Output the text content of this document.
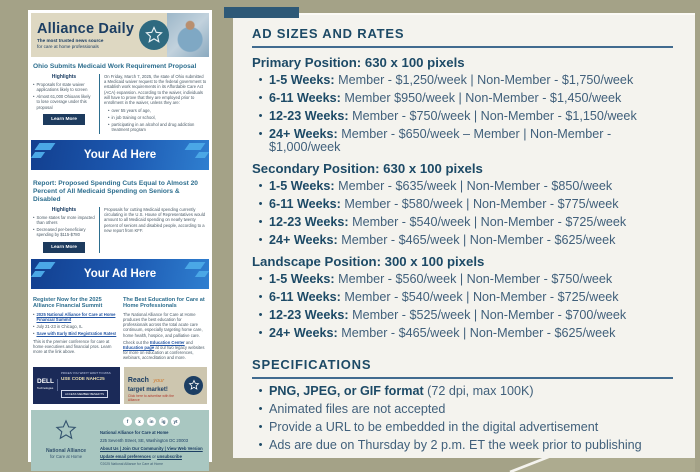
AD SIZES AND RATES
Primary Position: 630 x 100 pixels
• 1-5 Weeks: Member - $1,250/week | Non-Member - $1,750/week
• 6-11 Weeks: Member $950/week | Non-Member - $1,450/week
• 12-23 Weeks: Member - $750/week | Non-Member - $1,150/week
• 24+ Weeks: Member - $650/week – Member | Non-Member - $1,000/week
Secondary Position: 630 x 100 pixels
• 1-5 Weeks: Member - $635/week | Non-Member - $850/week
• 6-11 Weeks: Member - $580/week | Non-Member - $775/week
• 12-23 Weeks: Member - $540/week | Non-Member - $725/week
• 24+ Weeks: Member - $465/week | Non-Member - $625/week
Landscape Position: 300 x 100 pixels
• 1-5 Weeks: Member - $560/week | Non-Member - $750/week
• 6-11 Weeks: Member - $540/week | Non-Member - $725/week
• 12-23 Weeks: Member - $525/week | Non-Member - $700/week
• 24+ Weeks: Member - $465/week | Non-Member - $625/week
SPECIFICATIONS
• PNG, JPEG, or GIF format (72 dpi, max 100K)
• Animated files are not accepted
• Provide a URL to be embedded in the digital advertisement
• Ads are due on Thursday by 2 p.m. ET the week prior to publishing
Alliance Daily
The most trusted news source
for care at home professionals
Ohio Submits Medicaid Work Requirement Proposal
Highlights
• Proposals for state waiver applications likely to screen
• Almost 61,000 Ohioans likely to lose coverage under this proposal
Learn More
On Friday, March 7, 2025, the state of Ohio submitted a Medicaid waiver request to the federal government to establish work requirements in its Affordable Care Act (ACA) expansion. According to the waiver, individuals will have to prove that they are employed prior to enrollment in the waiver, unless they are:
• over 55 years of age,
• in job training or school,
• participating in an alcohol and drug addiction treatment program
Your Ad Here
Report: Proposed Spending Cuts Equal to Almost 20 Percent of All Medicaid Spending on Seniors & Disabled
Highlights
• Some states far more impacted than others
• Decreased per-beneficiary spending by $115-$780
Learn More
Proposals for cutting Medicaid spending currently circulating in the U.S. House of Representatives would amount to all Medicaid spending on nearly twenty percent of seniors and disabled people, according to a new report from KFF.
Your Ad Here
Register Now for the 2025 Alliance Financial Summit
• 2025 National Alliance for Care at Home Financial Summit
• July 21-23 in Chicago, IL
• Save with Early Bird Registration Rates!
This is the premier conference for care at home executives and financial pros. Learn more at the link above.
The Best Education for Care at Home Professionals
The National Alliance for Care at Home produces the best education for professionals across the total acute care continuum, especially targeting home care, home health, hospice, and palliative care.
Check out the Education Center and Education page at our two legacy websites for more on education at conferences, webinars, accreditation and more.
DELL
Technologies
PRICES YOU WON'T WANT TO MISS
USE CODE NAHC25
ACCESS MEMBER BENEFITS
Reach your
target market!
Click here to advertise with the Alliance
National Alliance
for Care at Home
f	x	in	ig	yt
National Alliance for Care at Home
225 Seventh Street, SE, Washington DC 20003
About Us | Join Our Community | View Web Version
Update email preferences or unsubscribe
©2025 National Alliance for Care at Home
